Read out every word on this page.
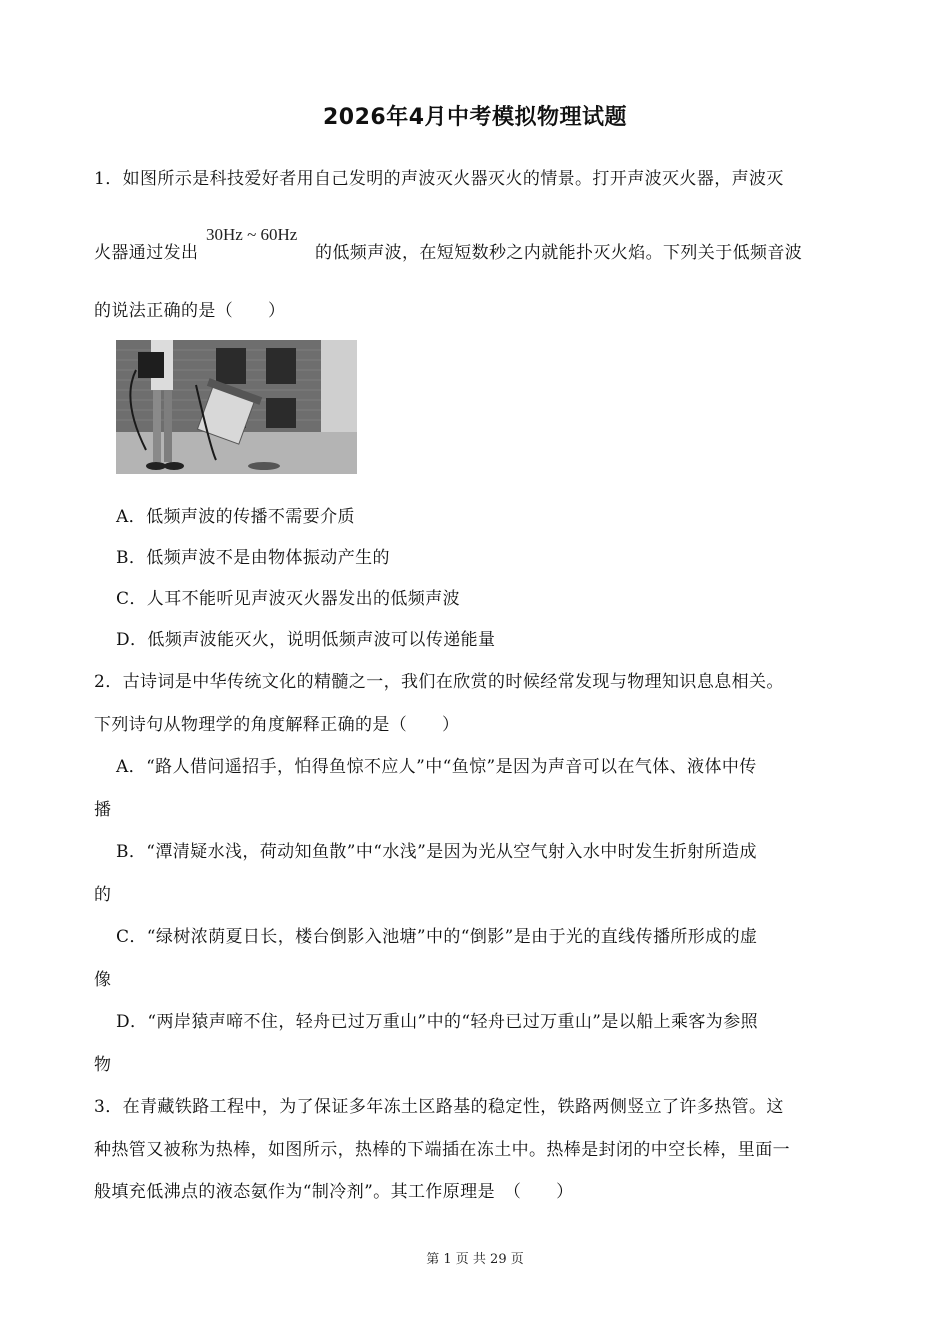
2026年4月中考模拟物理试题
1．如图所示是科技爱好者用自己发明的声波灭火器灭火的情景。打开声波灭火器，声波灭
火器通过发出
30Hz ~ 60Hz
的低频声波，在短短数秒之内就能扑灭火焰。下列关于低频音波
的说法正确的是（　　）
A．低频声波的传播不需要介质
B．低频声波不是由物体振动产生的
C．人耳不能听见声波灭火器发出的低频声波
D．低频声波能灭火，说明低频声波可以传递能量
2．古诗词是中华传统文化的精髓之一，我们在欣赏的时候经常发现与物理知识息息相关。
下列诗句从物理学的角度解释正确的是（　　）
A．“路人借问遥招手，怕得鱼惊不应人”中“鱼惊”是因为声音可以在气体、液体中传
播
B．“潭清疑水浅，荷动知鱼散”中“水浅”是因为光从空气射入水中时发生折射所造成
的
C．“绿树浓荫夏日长，楼台倒影入池塘”中的“倒影”是由于光的直线传播所形成的虚
像
D．“两岸猿声啼不住，轻舟已过万重山”中的“轻舟已过万重山”是以船上乘客为参照
物
3．在青藏铁路工程中，为了保证多年冻土区路基的稳定性，铁路两侧竖立了许多热管。这
种热管又被称为热棒，如图所示，热棒的下端插在冻土中。热棒是封闭的中空长棒，里面一
般填充低沸点的液态氨作为“制冷剂”。其工作原理是　（　　）
第 1 页 共 29 页
